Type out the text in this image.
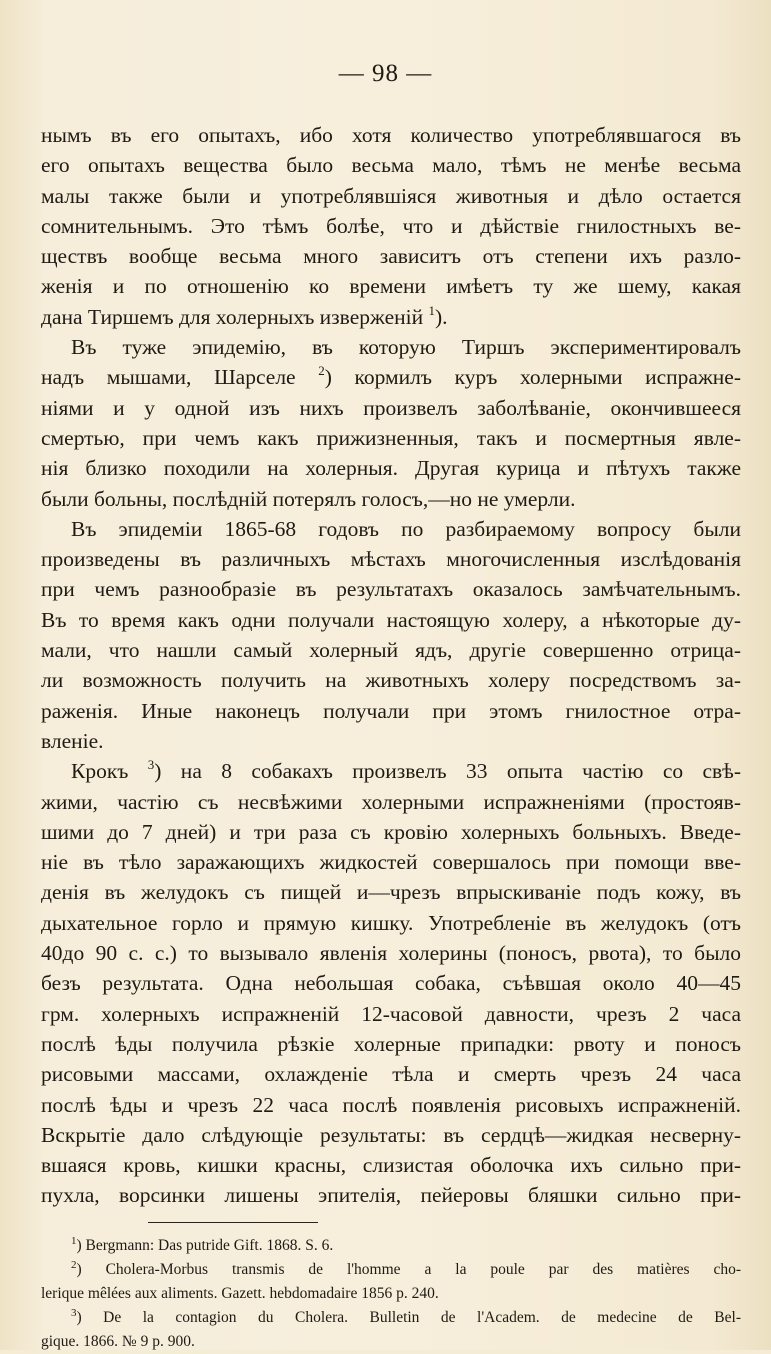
— 98 —
нымъ въ его опытахъ, ибо хотя количество употреблявшагося въ
его опытахъ вещества было весьма мало, тѣмъ не менѣе весьма
малы также были и употреблявшіяся животныя и дѣло остается
сомнительнымъ. Это тѣмъ болѣе, что и дѣйствіе гнилостныхъ ве-
ществъ вообще весьма много зависитъ отъ степени ихъ разло-
женія и по отношенію ко времени имѣетъ ту же шему, какая
дана Тиршемъ для холерныхъ изверженій $^1$).
Въ туже эпидемію, въ которую Тиршъ экспериментировалъ
надъ мышами, Шарселе $^2$) кормилъ куръ холерными испражне-
ніями и у одной изъ нихъ произвелъ заболѣваніе, окончившееся
смертью, при чемъ какъ прижизненныя, такъ и посмертныя явле-
нія близко походили на холерныя. Другая курица и пѣтухъ также
были больны, послѣдній потерялъ голосъ,—но не умерли.
Въ эпидеміи 1865-68 годовъ по разбираемому вопросу были
произведены въ различныхъ мѣстахъ многочисленныя изслѣдованія
при чемъ разнообразіе въ результатахъ оказалось замѣчательнымъ.
Въ то время какъ одни получали настоящую холеру, а нѣкоторые ду-
мали, что нашли самый холерный ядъ, другіе совершенно отрица-
ли возможность получить на животныхъ холеру посредствомъ за-
раженія. Иные наконецъ получали при этомъ гнилостное отра-
вленіе.
Крокъ $^3$) на 8 собакахъ произвелъ 33 опыта частію со свѣ-
жими, частію съ несвѣжими холерными испражненіями (простояв-
шими до 7 дней) и три раза съ кровію холерныхъ больныхъ. Введе-
ніе въ тѣло заражающихъ жидкостей совершалось при помощи вве-
денія въ желудокъ съ пищей и—чрезъ впрыскиваніе подъ кожу, въ
дыхательное горло и прямую кишку. Употребленіе въ желудокъ (отъ
40до 90 с. с.) то вызывало явленія холерины (поносъ, рвота), то было
безъ результата. Одна небольшая собака, съѣвшая около 40—45
грм. холерныхъ испражненій 12-часовой давности, чрезъ 2 часа
послѣ ѣды получила рѣзкіе холерные припадки: рвоту и поносъ
рисовыми массами, охлажденіе тѣла и смерть чрезъ 24 часа
послѣ ѣды и чрезъ 22 часа послѣ появленія рисовыхъ испражненій.
Вскрытіе дало слѣдующіе результаты: въ сердцѣ—жидкая несверну-
вшаяся кровь, кишки красны, слизистая оболочка ихъ сильно при-
пухла, ворсинки лишены эпителія, пейеровы бляшки сильно при-
$^1$) Bergmann: Das putride Gift. 1868. S. 6.
$^2$) Cholera-Morbus transmis de l'homme a la poule par des matières cho-
lerique mêlées aux aliments. Gazett. hebdomadaire 1856 p. 240.
$^3$) De la contagion du Cholera. Bulletin de l'Academ. de medecine de Bel-
gique. 1866. № 9 p. 900.
